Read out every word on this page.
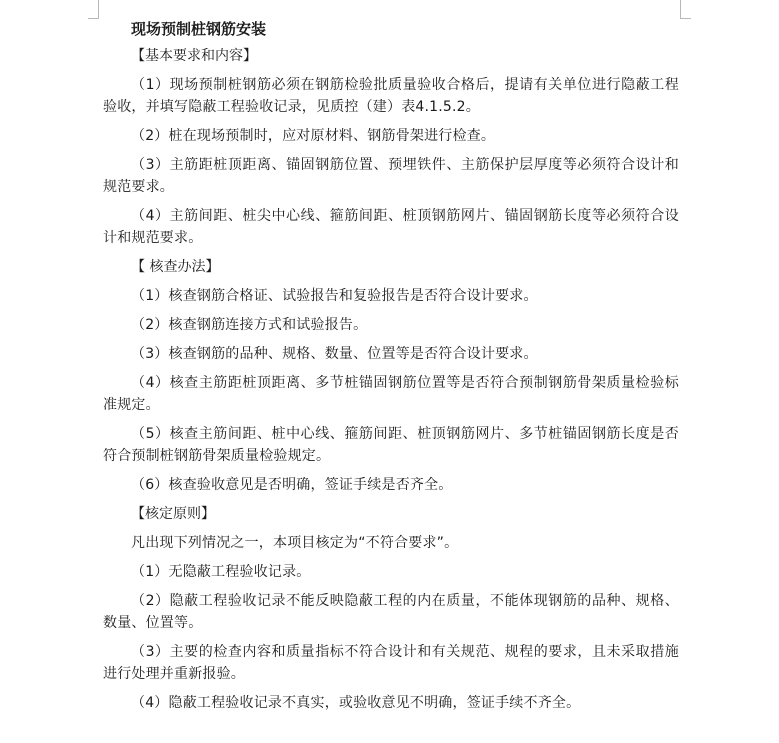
现场预制桩钢筋安装

【基本要求和内容】

（1）现场预制桩钢筋必须在钢筋检验批质量验收合格后，提请有关单位进行隐蔽工程验收，并填写隐蔽工程验收记录，见质控（建）表4.1.5.2。

（2）桩在现场预制时，应对原材料、钢筋骨架进行检查。

（3）主筋距桩顶距离、锚固钢筋位置、预埋铁件、主筋保护层厚度等必须符合设计和规范要求。

（4）主筋间距、桩尖中心线、箍筋间距、桩顶钢筋网片、锚固钢筋长度等必须符合设计和规范要求。

【 核查办法】

（1）核查钢筋合格证、试验报告和复验报告是否符合设计要求。

（2）核查钢筋连接方式和试验报告。

（3）核查钢筋的品种、规格、数量、位置等是否符合设计要求。

（4）核查主筋距桩顶距离、多节桩锚固钢筋位置等是否符合预制钢筋骨架质量检验标准规定。

（5）核查主筋间距、桩中心线、箍筋间距、桩顶钢筋网片、多节桩锚固钢筋长度是否符合预制桩钢筋骨架质量检验规定。

（6）核查验收意见是否明确，签证手续是否齐全。

【核定原则】

凡出现下列情况之一，本项目核定为“不符合要求”。

（1）无隐蔽工程验收记录。

（2）隐蔽工程验收记录不能反映隐蔽工程的内在质量，不能体现钢筋的品种、规格、数量、位置等。

（3）主要的检查内容和质量指标不符合设计和有关规范、规程的要求，且未采取措施进行处理并重新报验。

（4）隐蔽工程验收记录不真实，或验收意见不明确，签证手续不齐全。
